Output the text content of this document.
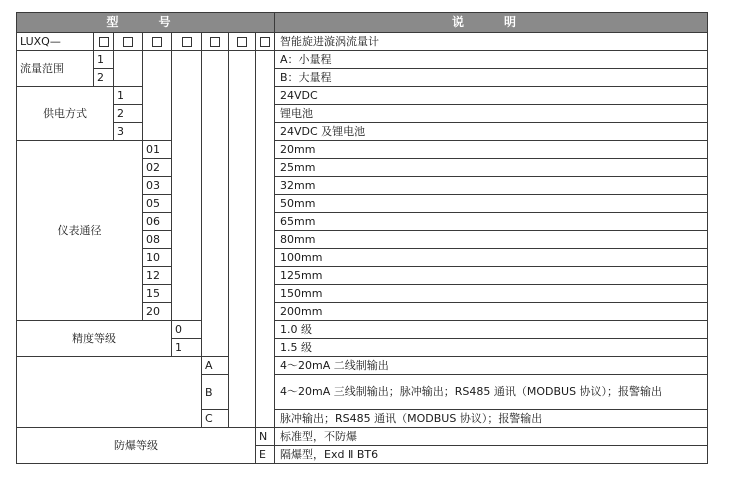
型　号								说　明
LUXQ—								智能旋进漩涡流量计
流量范围	1							A：小量程
	2							B：大量程
供电方式		1						24VDC
		2						锂电池
		3						24VDC 及锂电池
仪表通径			01					20mm
			02					25mm
			03					32mm
			05					50mm
			06					65mm
			08					80mm
			10					100mm
			12					125mm
			15					150mm
			20					200mm
精度等级				0				1.0 级
				1				1.5 级
					A			4～20mA 二线制输出
					B			4～20mA 三线制输出；脉冲输出；RS485 通讯（MODBUS 协议）；报警输出
					C			脉冲输出；RS485 通讯（MODBUS 协议）；报警输出
防爆等级							N	标准型，不防爆
							E	隔爆型，Exd Ⅱ BT6
